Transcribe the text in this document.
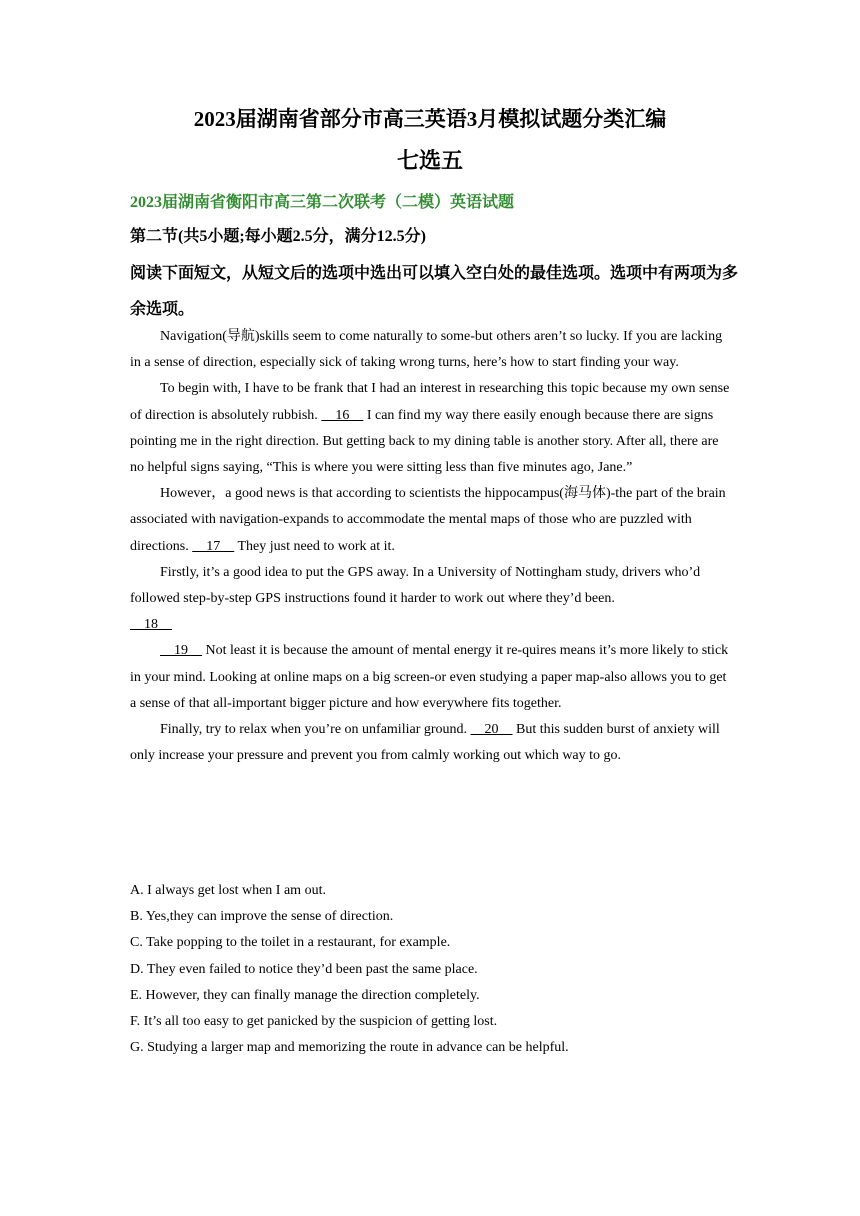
2023届湖南省部分市高三英语3月模拟试题分类汇编
七选五
2023届湖南省衡阳市高三第二次联考（二模）英语试题
第二节(共5小题;每小题2.5分，满分12.5分)
阅读下面短文，从短文后的选项中选出可以填入空白处的最佳选项。选项中有两项为多余选项。

Navigation(导航)skills seem to come naturally to some-but others aren’t so lucky. If you are lacking in a sense of direction, especially sick of taking wrong turns, here’s how to start finding your way.

To begin with, I have to be frank that I had an interest in researching this topic because my own sense of direction is absolutely rubbish.     16     I can find my way there easily enough because there are signs pointing me in the right direction. But getting back to my dining table is another story. After all, there are no helpful signs saying, “This is where you were sitting less than five minutes ago, Jane.”

However，a good news is that according to scientists the hippocampus(海马体)-the part of the brain associated with navigation-expands to accommodate the mental maps of those who are puzzled with directions.     17     They just need to work at it.

Firstly, it’s a good idea to put the GPS away. In a University of Nottingham study, drivers who’d followed step-by-step GPS instructions found it harder to work out where they’d been.

18

19     Not least it is because the amount of mental energy it re-quires means it’s more likely to stick in your mind. Looking at online maps on a big screen-or even studying a paper map-also allows you to get a sense of that all-important bigger picture and how everywhere fits together.

Finally, try to relax when you’re on unfamiliar ground.     20     But this sudden burst of anxiety will only increase your pressure and prevent you from calmly working out which way to go.

A. I always get lost when I am out.
B. Yes,they can improve the sense of direction.
C. Take popping to the toilet in a restaurant, for example.
D. They even failed to notice they’d been past the same place.
E. However, they can finally manage the direction completely.
F. It’s all too easy to get panicked by the suspicion of getting lost.
G. Studying a larger map and memorizing the route in advance can be helpful.
